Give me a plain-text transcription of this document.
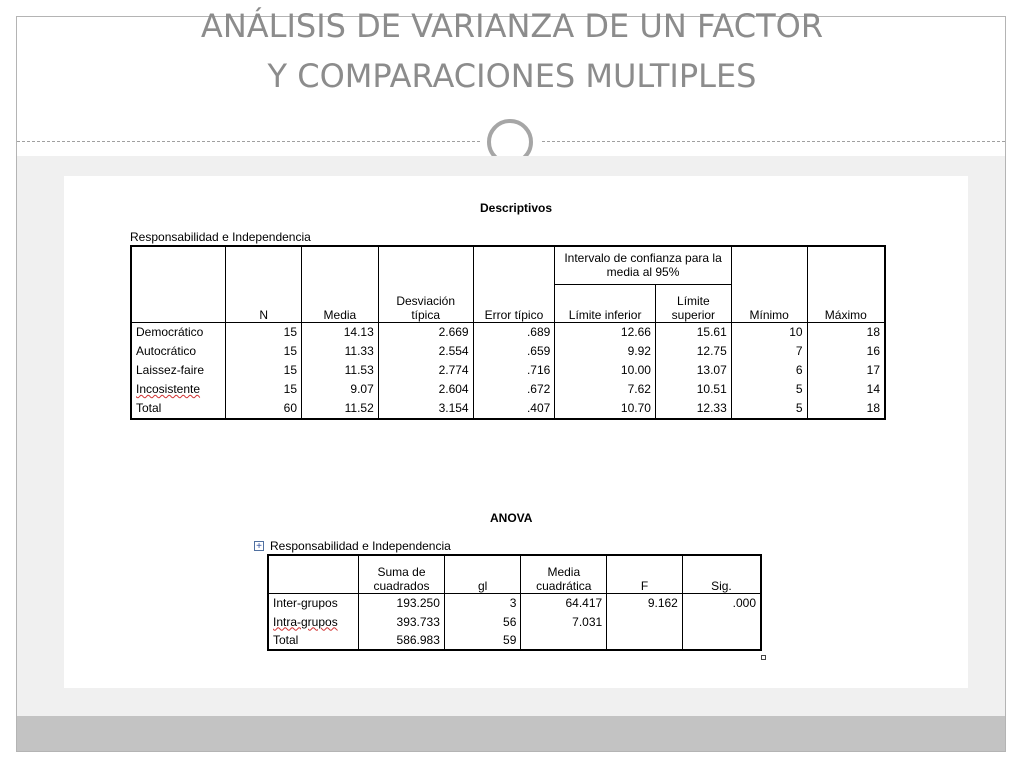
ANÁLISIS DE VARIANZA DE UN FACTOR
Y COMPARACIONES MULTIPLES
Descriptivos
Responsabilidad e Independencia
	N	Media	Desviación típica	Error típico	Intervalo de confianza para la media al 95%		Mínimo	Máximo
					Límite inferior	Límite superior		
Democrático	15	14.13	2.669	.689	12.66	15.61	10	18
Autocrático	15	11.33	2.554	.659	9.92	12.75	7	16
Laissez-faire	15	11.53	2.774	.716	10.00	13.07	6	17
Incosistente	15	9.07	2.604	.672	7.62	10.51	5	14
Total	60	11.52	3.154	.407	10.70	12.33	5	18
ANOVA
+ Responsabilidad e Independencia
	Suma de cuadrados	gl	Media cuadrática	F	Sig.
Inter-grupos	193.250	3	64.417	9.162	.000
Intra-grupos	393.733	56	7.031		
Total	586.983	59			
